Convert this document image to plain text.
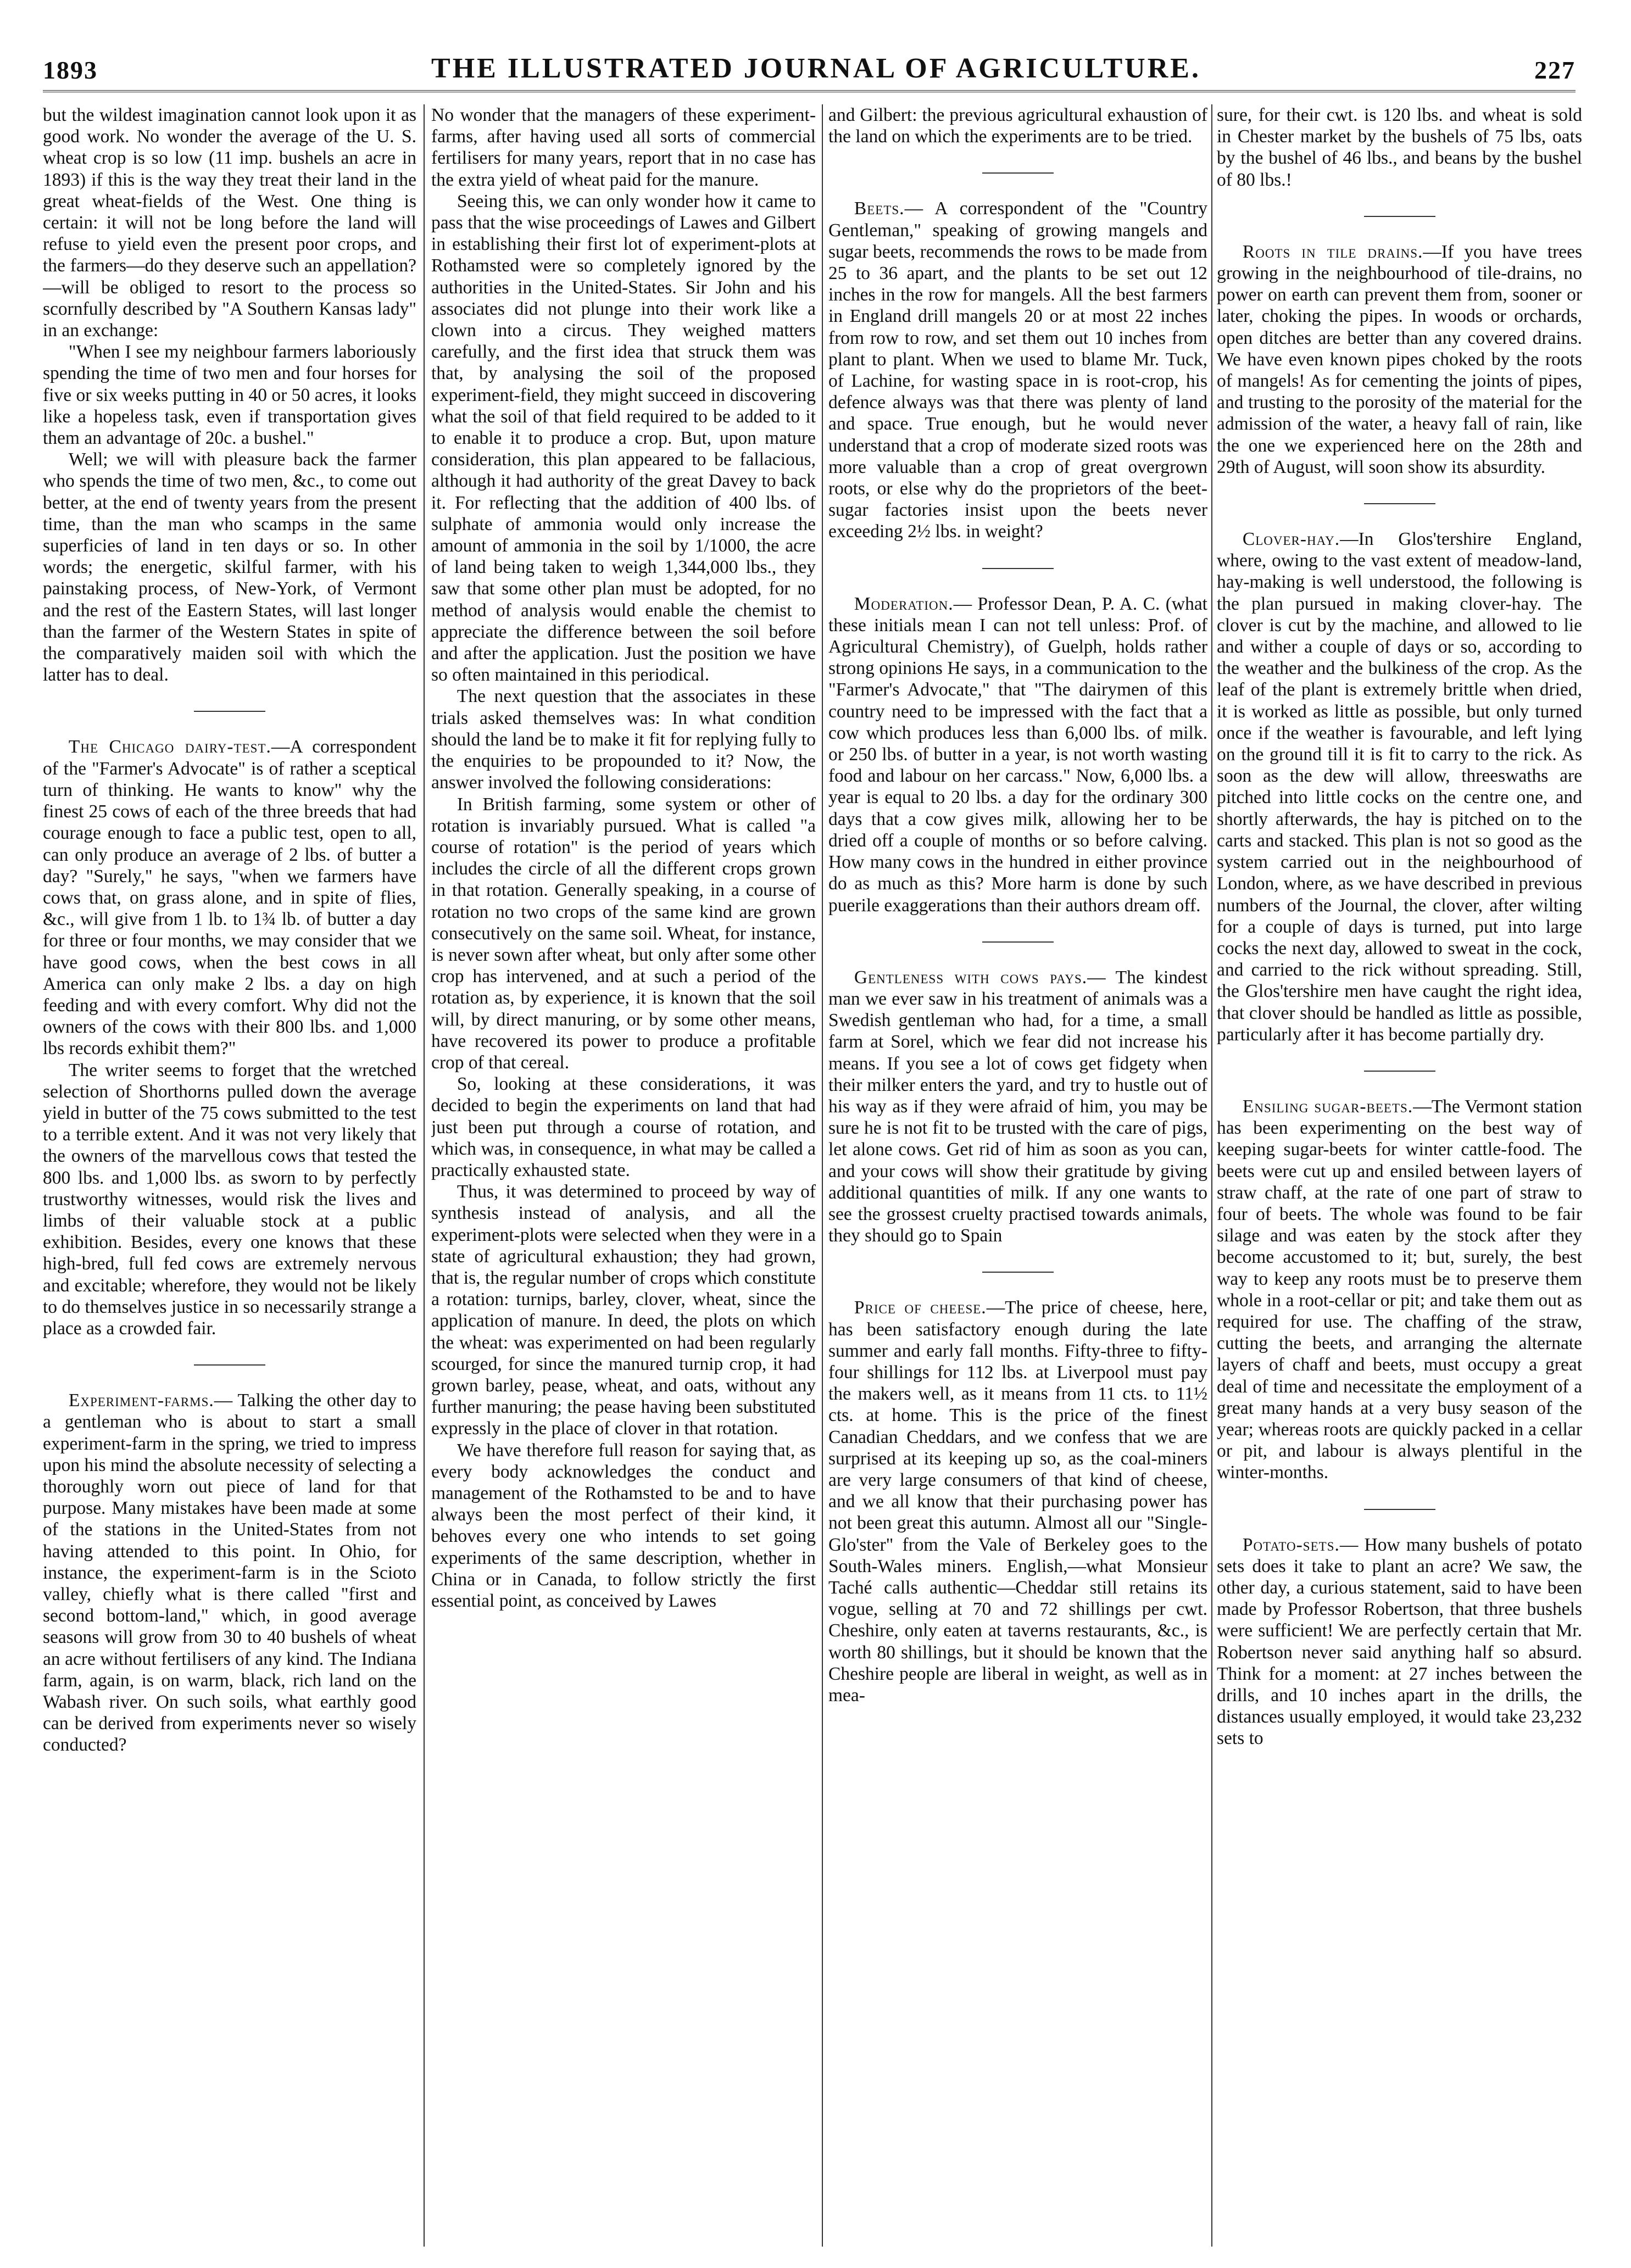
1893	THE ILLUSTRATED JOURNAL OF AGRICULTURE.	227

but the wildest imagination cannot look upon it as good work. No wonder the average of the U. S. wheat crop is so low (11 imp. bushels an acre in 1893) if this is the way they treat their land in the great wheat-fields of the West. One thing is certain: it will not be long before the land will refuse to yield even the present poor crops, and the farmers—do they deserve such an appellation?—will be obliged to resort to the process so scornfully described by "A Southern Kansas lady" in an exchange:

"When I see my neighbour farmers laboriously spending the time of two men and four horses for five or six weeks putting in 40 or 50 acres, it looks like a hopeless task, even if transportation gives them an advantage of 20c. a bushel."

Well; we will with pleasure back the farmer who spends the time of two men, &c., to come out better, at the end of twenty years from the present time, than the man who scamps in the same superficies of land in ten days or so. In other words; the energetic, skilful farmer, with his painstaking process, of New-York, of Vermont and the rest of the Eastern States, will last longer than the farmer of the Western States in spite of the comparatively maiden soil with which the latter has to deal.

The Chicago dairy-test.—A correspondent of the "Farmer's Advocate" is of rather a sceptical turn of thinking. He wants to know" why the finest 25 cows of each of the three breeds that had courage enough to face a public test, open to all, can only produce an average of 2 lbs. of butter a day? "Surely," he says, "when we farmers have cows that, on grass alone, and in spite of flies, &c., will give from 1 lb. to 1¾ lb. of butter a day for three or four months, we may consider that we have good cows, when the best cows in all America can only make 2 lbs. a day on high feeding and with every comfort. Why did not the owners of the cows with their 800 lbs. and 1,000 lbs records exhibit them?"

The writer seems to forget that the wretched selection of Shorthorns pulled down the average yield in butter of the 75 cows submitted to the test to a terrible extent. And it was not very likely that the owners of the marvellous cows that tested the 800 lbs. and 1,000 lbs. as sworn to by perfectly trustworthy witnesses, would risk the lives and limbs of their valuable stock at a public exhibition. Besides, every one knows that these high-bred, full fed cows are extremely nervous and excitable; wherefore, they would not be likely to do themselves justice in so necessarily strange a place as a crowded fair.

Experiment-farms.— Talking the other day to a gentleman who is about to start a small experiment-farm in the spring, we tried to impress upon his mind the absolute necessity of selecting a thoroughly worn out piece of land for that purpose. Many mistakes have been made at some of the stations in the United-States from not having attended to this point. In Ohio, for instance, the experiment-farm is in the Scioto valley, chiefly what is there called "first and second bottom-land," which, in good average seasons will grow from 30 to 40 bushels of wheat an acre without fertilisers of any kind. The Indiana farm, again, is on warm, black, rich land on the Wabash river. On such soils, what earthly good can be derived from experiments never so wisely conducted?

No wonder that the managers of these experiment-farms, after having used all sorts of commercial fertilisers for many years, report that in no case has the extra yield of wheat paid for the manure.

Seeing this, we can only wonder how it came to pass that the wise proceedings of Lawes and Gilbert in establishing their first lot of experiment-plots at Rothamsted were so completely ignored by the authorities in the United-States. Sir John and his associates did not plunge into their work like a clown into a circus. They weighed matters carefully, and the first idea that struck them was that, by analysing the soil of the proposed experiment-field, they might succeed in discovering what the soil of that field required to be added to it to enable it to produce a crop. But, upon mature consideration, this plan appeared to be fallacious, although it had authority of the great Davey to back it. For reflecting that the addition of 400 lbs. of sulphate of ammonia would only increase the amount of ammonia in the soil by 1/1000, the acre of land being taken to weigh 1,344,000 lbs., they saw that some other plan must be adopted, for no method of analysis would enable the chemist to appreciate the difference between the soil before and after the application. Just the position we have so often maintained in this periodical.

The next question that the associates in these trials asked themselves was: In what condition should the land be to make it fit for replying fully to the enquiries to be propounded to it? Now, the answer involved the following considerations:

In British farming, some system or other of rotation is invariably pursued. What is called "a course of rotation" is the period of years which includes the circle of all the different crops grown in that rotation. Generally speaking, in a course of rotation no two crops of the same kind are grown consecutively on the same soil. Wheat, for instance, is never sown after wheat, but only after some other crop has intervened, and at such a period of the rotation as, by experience, it is known that the soil will, by direct manuring, or by some other means, have recovered its power to produce a profitable crop of that cereal.

So, looking at these considerations, it was decided to begin the experiments on land that had just been put through a course of rotation, and which was, in consequence, in what may be called a practically exhausted state.

Thus, it was determined to proceed by way of synthesis instead of analysis, and all the experiment-plots were selected when they were in a state of agricultural exhaustion; they had grown, that is, the regular number of crops which constitute a rotation: turnips, barley, clover, wheat, since the application of manure. In deed, the plots on which the wheat: was experimented on had been regularly scourged, for since the manured turnip crop, it had grown barley, pease, wheat, and oats, without any further manuring; the pease having been substituted expressly in the place of clover in that rotation.

We have therefore full reason for saying that, as every body acknowledges the conduct and management of the Rothamsted to be and to have always been the most perfect of their kind, it behoves every one who intends to set going experiments of the same description, whether in China or in Canada, to follow strictly the first essential point, as conceived by Lawes

and Gilbert: the previous agricultural exhaustion of the land on which the experiments are to be tried.

Beets.— A correspondent of the "Country Gentleman," speaking of growing mangels and sugar beets, recommends the rows to be made from 25 to 36 apart, and the plants to be set out 12 inches in the row for mangels. All the best farmers in England drill mangels 20 or at most 22 inches from row to row, and set them out 10 inches from plant to plant. When we used to blame Mr. Tuck, of Lachine, for wasting space in is root-crop, his defence always was that there was plenty of land and space. True enough, but he would never understand that a crop of moderate sized roots was more valuable than a crop of great overgrown roots, or else why do the proprietors of the beet-sugar factories insist upon the beets never exceeding 2½ lbs. in weight?

Moderation.— Professor Dean, P. A. C. (what these initials mean I can not tell unless: Prof. of Agricultural Chemistry), of Guelph, holds rather strong opinions He says, in a communication to the "Farmer's Advocate," that "The dairymen of this country need to be impressed with the fact that a cow which produces less than 6,000 lbs. of milk. or 250 lbs. of butter in a year, is not worth wasting food and labour on her carcass." Now, 6,000 lbs. a year is equal to 20 lbs. a day for the ordinary 300 days that a cow gives milk, allowing her to be dried off a couple of months or so before calving. How many cows in the hundred in either province do as much as this? More harm is done by such puerile exaggerations than their authors dream off.

Gentleness with cows pays.— The kindest man we ever saw in his treatment of animals was a Swedish gentleman who had, for a time, a small farm at Sorel, which we fear did not increase his means. If you see a lot of cows get fidgety when their milker enters the yard, and try to hustle out of his way as if they were afraid of him, you may be sure he is not fit to be trusted with the care of pigs, let alone cows. Get rid of him as soon as you can, and your cows will show their gratitude by giving additional quantities of milk. If any one wants to see the grossest cruelty practised towards animals, they should go to Spain

Price of cheese.—The price of cheese, here, has been satisfactory enough during the late summer and early fall months. Fifty-three to fifty-four shillings for 112 lbs. at Liverpool must pay the makers well, as it means from 11 cts. to 11½ cts. at home. This is the price of the finest Canadian Cheddars, and we confess that we are surprised at its keeping up so, as the coal-miners are very large consumers of that kind of cheese, and we all know that their purchasing power has not been great this autumn. Almost all our "Single-Glo'ster" from the Vale of Berkeley goes to the South-Wales miners. English,—what Monsieur Taché calls authentic—Cheddar still retains its vogue, selling at 70 and 72 shillings per cwt. Cheshire, only eaten at taverns restaurants, &c., is worth 80 shillings, but it should be known that the Cheshire people are liberal in weight, as well as in mea-

sure, for their cwt. is 120 lbs. and wheat is sold in Chester market by the bushels of 75 lbs, oats by the bushel of 46 lbs., and beans by the bushel of 80 lbs.!

Roots in tile drains.—If you have trees growing in the neighbourhood of tile-drains, no power on earth can prevent them from, sooner or later, choking the pipes. In woods or orchards, open ditches are better than any covered drains. We have even known pipes choked by the roots of mangels! As for cementing the joints of pipes, and trusting to the porosity of the material for the admission of the water, a heavy fall of rain, like the one we experienced here on the 28th and 29th of August, will soon show its absurdity.

Clover-hay.—In Glos'tershire England, where, owing to the vast extent of meadow-land, hay-making is well understood, the following is the plan pursued in making clover-hay. The clover is cut by the machine, and allowed to lie and wither a couple of days or so, according to the weather and the bulkiness of the crop. As the leaf of the plant is extremely brittle when dried, it is worked as little as possible, but only turned once if the weather is favourable, and left lying on the ground till it is fit to carry to the rick. As soon as the dew will allow, threeswaths are pitched into little cocks on the centre one, and shortly afterwards, the hay is pitched on to the carts and stacked. This plan is not so good as the system carried out in the neighbourhood of London, where, as we have described in previous numbers of the Journal, the clover, after wilting for a couple of days is turned, put into large cocks the next day, allowed to sweat in the cock, and carried to the rick without spreading. Still, the Glos'tershire men have caught the right idea, that clover should be handled as little as possible, particularly after it has become partially dry.

Ensiling sugar-beets.—The Vermont station has been experimenting on the best way of keeping sugar-beets for winter cattle-food. The beets were cut up and ensiled between layers of straw chaff, at the rate of one part of straw to four of beets. The whole was found to be fair silage and was eaten by the stock after they become accustomed to it; but, surely, the best way to keep any roots must be to preserve them whole in a root-cellar or pit; and take them out as required for use. The chaffing of the straw, cutting the beets, and arranging the alternate layers of chaff and beets, must occupy a great deal of time and necessitate the employment of a great many hands at a very busy season of the year; whereas roots are quickly packed in a cellar or pit, and labour is always plentiful in the winter-months.

Potato-sets.— How many bushels of potato sets does it take to plant an acre? We saw, the other day, a curious statement, said to have been made by Professor Robertson, that three bushels were sufficient! We are perfectly certain that Mr. Robertson never said anything half so absurd. Think for a moment: at 27 inches between the drills, and 10 inches apart in the drills, the distances usually employed, it would take 23,232 sets to
